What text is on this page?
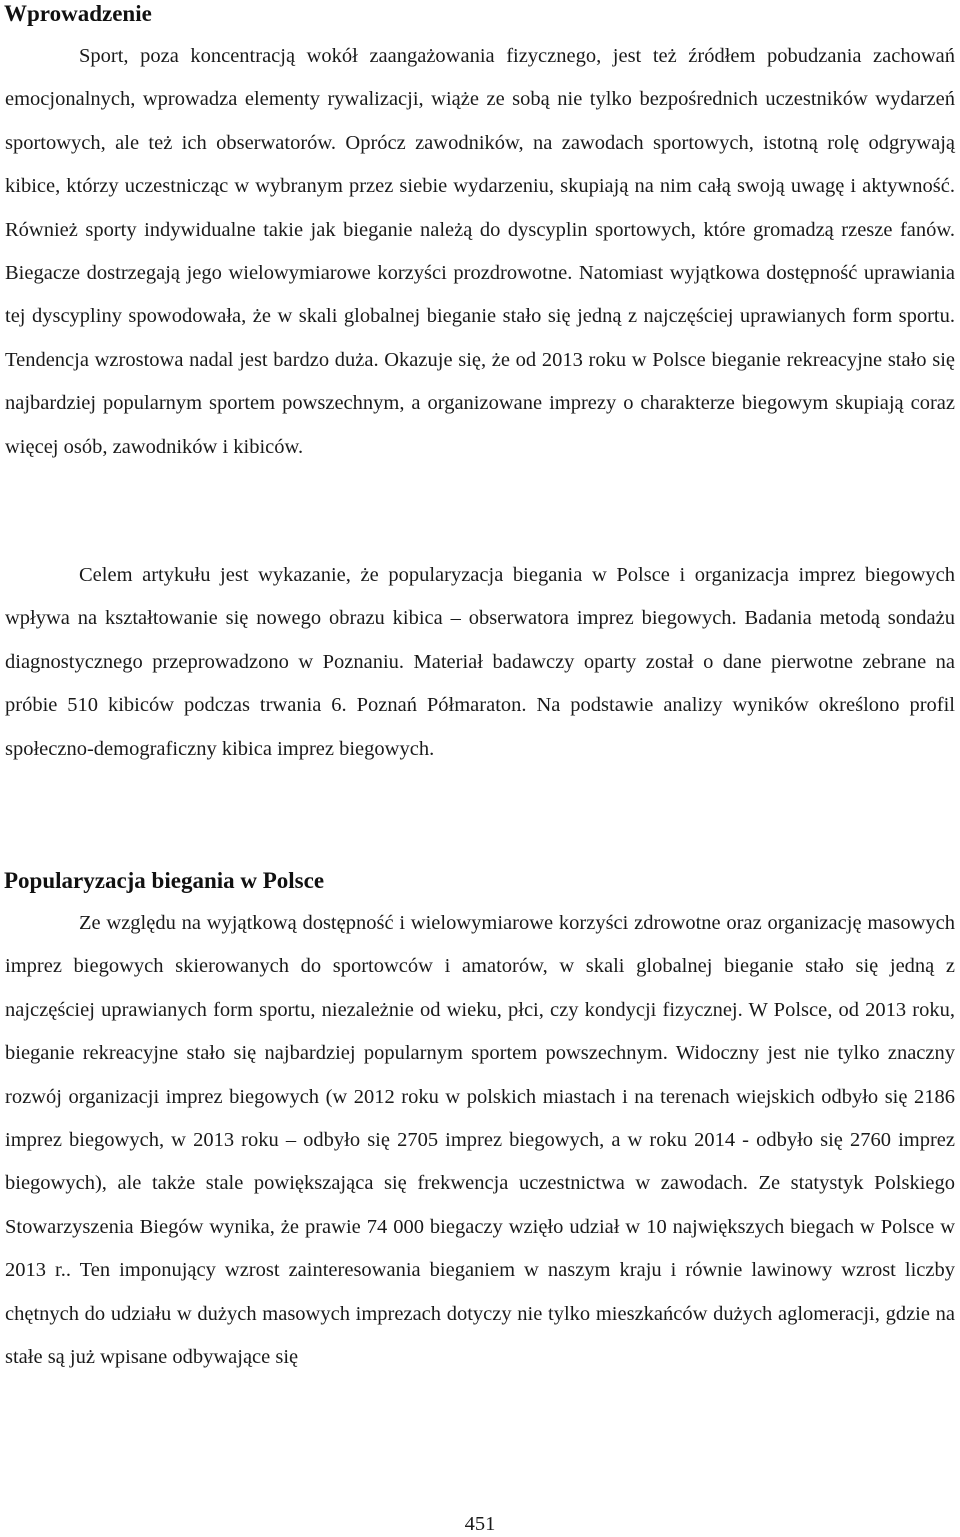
Wprowadzenie

Sport, poza koncentracją wokół zaangażowania fizycznego, jest też źródłem pobudzania zachowań emocjonalnych, wprowadza elementy rywalizacji, wiąże ze sobą nie tylko bezpośrednich uczestników wydarzeń sportowych, ale też ich obserwatorów. Oprócz zawodników, na zawodach sportowych, istotną rolę odgrywają kibice, którzy uczestnicząc w wybranym przez siebie wydarzeniu, skupiają na nim całą swoją uwagę i aktywność. Również sporty indywidualne takie jak bieganie należą do dyscyplin sportowych, które gromadzą rzesze fanów. Biegacze dostrzegają jego wielowymiarowe korzyści prozdrowotne. Natomiast wyjątkowa dostępność uprawiania tej dyscypliny spowodowała, że w skali globalnej bieganie stało się jedną z najczęściej uprawianych form sportu. Tendencja wzrostowa nadal jest bardzo duża. Okazuje się, że od 2013 roku w Polsce bieganie rekreacyjne stało się najbardziej popularnym sportem powszechnym, a organizowane imprezy o charakterze biegowym skupiają coraz więcej osób, zawodników i kibiców.

Celem artykułu jest wykazanie, że popularyzacja biegania w Polsce i organizacja imprez biegowych wpływa na kształtowanie się nowego obrazu kibica – obserwatora imprez biegowych. Badania metodą sondażu diagnostycznego przeprowadzono w Poznaniu. Materiał badawczy oparty został o dane pierwotne zebrane na próbie 510 kibiców podczas trwania 6. Poznań Półmaraton. Na podstawie analizy wyników określono profil społeczno-demograficzny kibica imprez biegowych.

Popularyzacja biegania w Polsce

Ze względu na wyjątkową dostępność i wielowymiarowe korzyści zdrowotne oraz organizację masowych imprez biegowych skierowanych do sportowców i amatorów, w skali globalnej bieganie stało się jedną z najczęściej uprawianych form sportu, niezależnie od wieku, płci, czy kondycji fizycznej. W Polsce, od 2013 roku, bieganie rekreacyjne stało się najbardziej popularnym sportem powszechnym. Widoczny jest nie tylko znaczny rozwój organizacji imprez biegowych (w 2012 roku w polskich miastach i na terenach wiejskich odbyło się 2186 imprez biegowych, w 2013 roku – odbyło się 2705 imprez biegowych, a w roku 2014 - odbyło się 2760 imprez biegowych), ale także stale powiększająca się frekwencja uczestnictwa w zawodach. Ze statystyk Polskiego Stowarzyszenia Biegów wynika, że prawie 74 000 biegaczy wzięło udział w 10 największych biegach w Polsce w 2013 r.. Ten imponujący wzrost zainteresowania bieganiem w naszym kraju i równie lawinowy wzrost liczby chętnych do udziału w dużych masowych imprezach dotyczy nie tylko mieszkańców dużych aglomeracji, gdzie na stałe są już wpisane odbywające się

451
